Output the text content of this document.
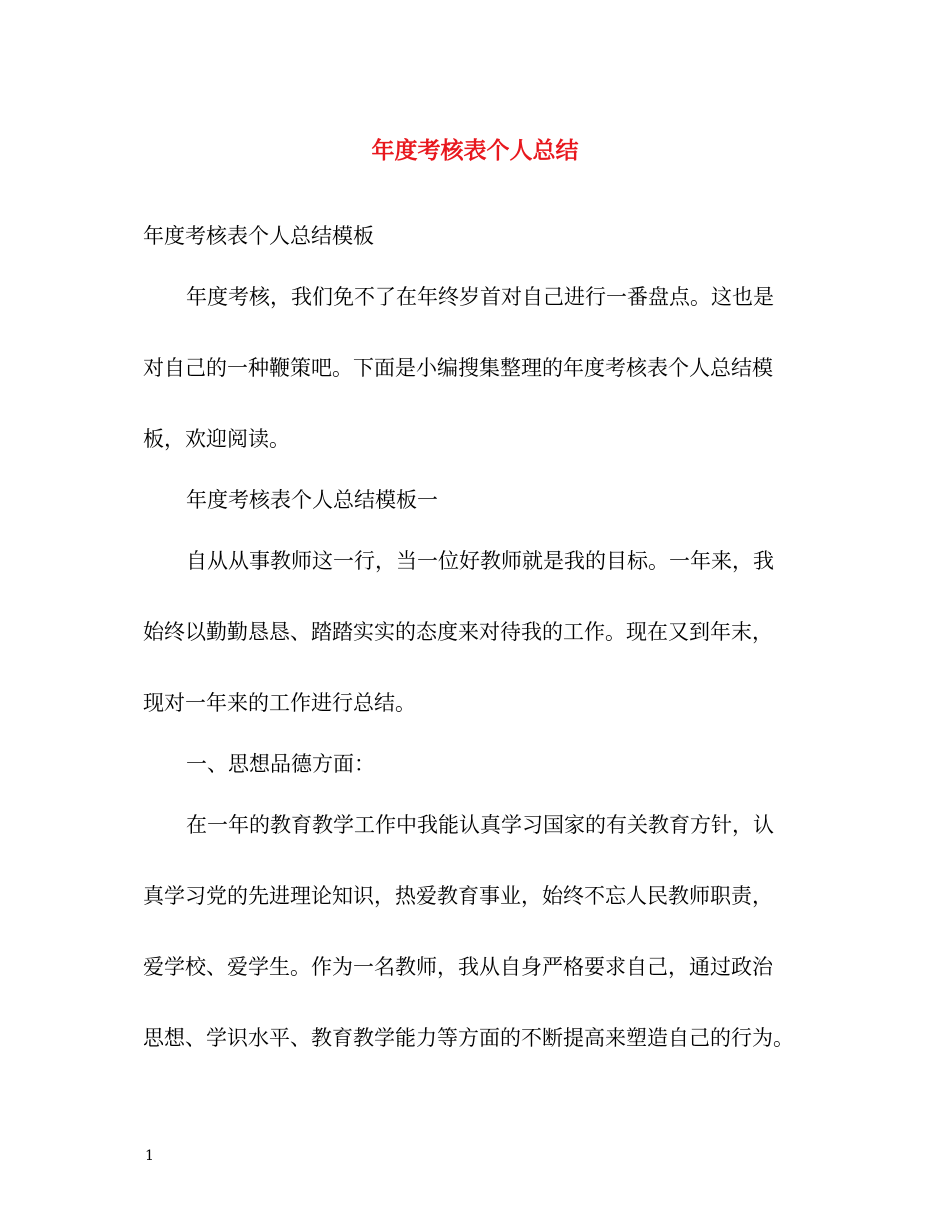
年度考核表个人总结

年度考核表个人总结模板

年度考核，我们免不了在年终岁首对自己进行一番盘点。这也是

对自己的一种鞭策吧。下面是小编搜集整理的年度考核表个人总结模

板，欢迎阅读。

年度考核表个人总结模板一

自从从事教师这一行，当一位好教师就是我的目标。一年来，我

始终以勤勤恳恳、踏踏实实的态度来对待我的工作。现在又到年末，

现对一年来的工作进行总结。

一、思想品德方面：

在一年的教育教学工作中我能认真学习国家的有关教育方针，认

真学习党的先进理论知识，热爱教育事业，始终不忘人民教师职责，

爱学校、爱学生。作为一名教师，我从自身严格要求自己，通过政治

思想、学识水平、教育教学能力等方面的不断提高来塑造自己的行为。

1
